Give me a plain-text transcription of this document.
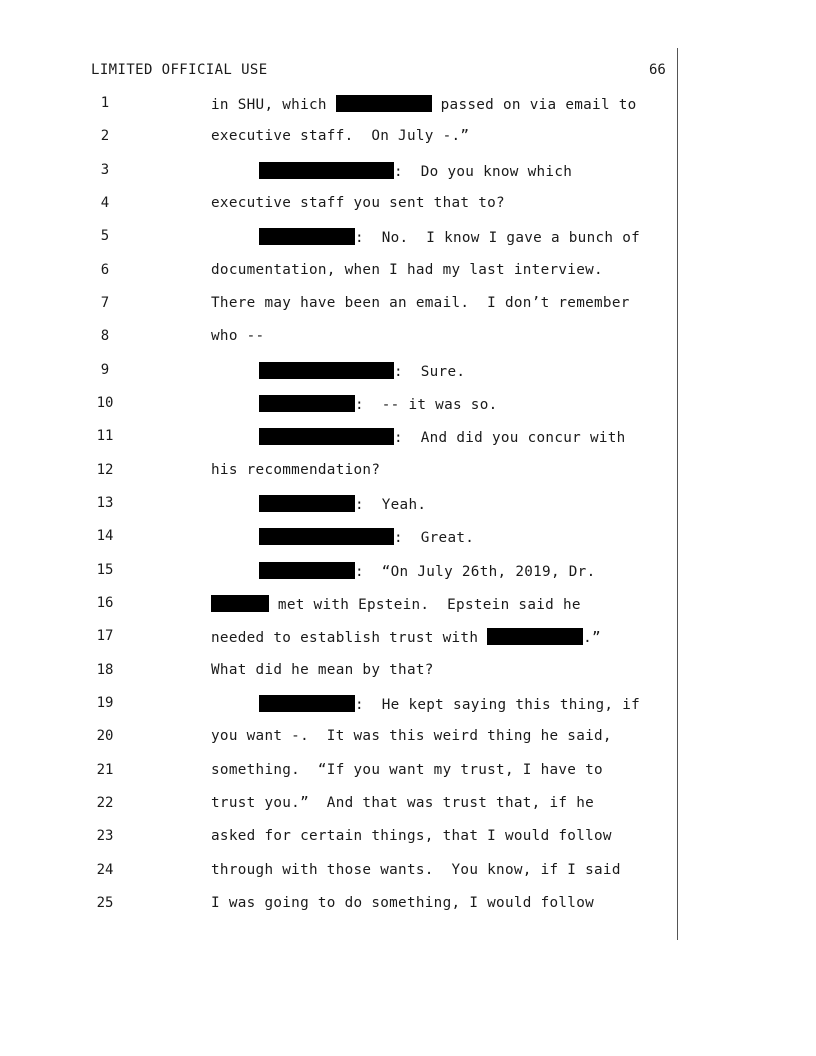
LIMITED OFFICIAL USE	66
1	in SHU, which	passed on via email to
2	executive staff.  On July -.”
3	:  Do you know which
4	executive staff you sent that to?
5	:  No.  I know I gave a bunch of
6	documentation, when I had my last interview.
7	There may have been an email.  I don’t remember
8	who --
9	:  Sure.
10	:  -- it was so.
11	:  And did you concur with
12	his recommendation?
13	:  Yeah.
14	:  Great.
15	:  “On July 26th, 2019, Dr.
16	met with Epstein.  Epstein said he
17	needed to establish trust with	.”
18	What did he mean by that?
19	:  He kept saying this thing, if
20	you want -.  It was this weird thing he said,
21	something.  “If you want my trust, I have to
22	trust you.”  And that was trust that, if he
23	asked for certain things, that I would follow
24	through with those wants.  You know, if I said
25	I was going to do something, I would follow
